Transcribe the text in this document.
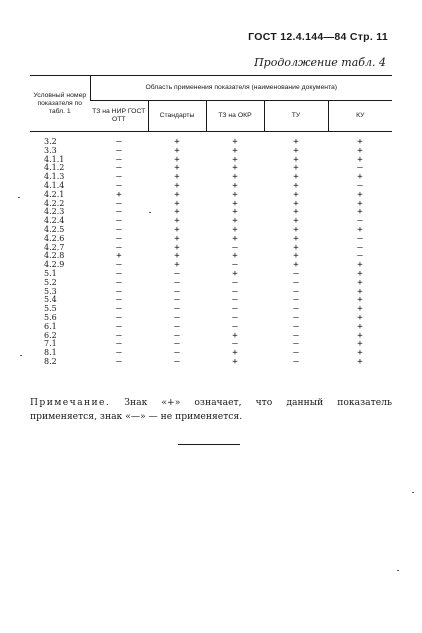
ГОСТ 12.4.144—84 Стр. 11
Продолжение табл. 4
Условный номер показателя по табл. 1	Область применения показателя (наименование документа)				
	ТЗ на НИР ГОСТ ОТТ	Стандарты	ТЗ на ОКР	ТУ	КУ
3.2	—	+	+	+	+
3.3	—	+	+	+	+
4.1.1	—	+	+	+	+
4.1.2	—	+	+	+	—
4.1.3	—	+	+	+	+
4.1.4	—	+	+	+	—
4.2.1	+	+	+	+	+
4.2.2	—	+	+	+	+
4.2.3	—	+	+	+	+
4.2.4	—	+	+	+	—
4.2.5	—	+	+	+	+
4.2.6	—	+	+	+	—
4.2.7	—	+	—	+	—
4.2.8	+	+	+	+	—
4.2.9	—	+	—	+	+
5.1	—	—	+	—	+
5.2	—	—	—	—	+
5.3	—	—	—	—	+
5.4	—	—	—	—	+
5.5	—	—	—	—	+
5.6	—	—	—	—	+
6.1	—	—	—	—	+
6.2	—	—	+	—	+
7.1	—	—	—	—	+
8.1	—	—	+	—	+
8.2	—	—	+	—	+
Примечание. Знак «+» означает, что данный показатель применяется, знак «—» — не применяется.
